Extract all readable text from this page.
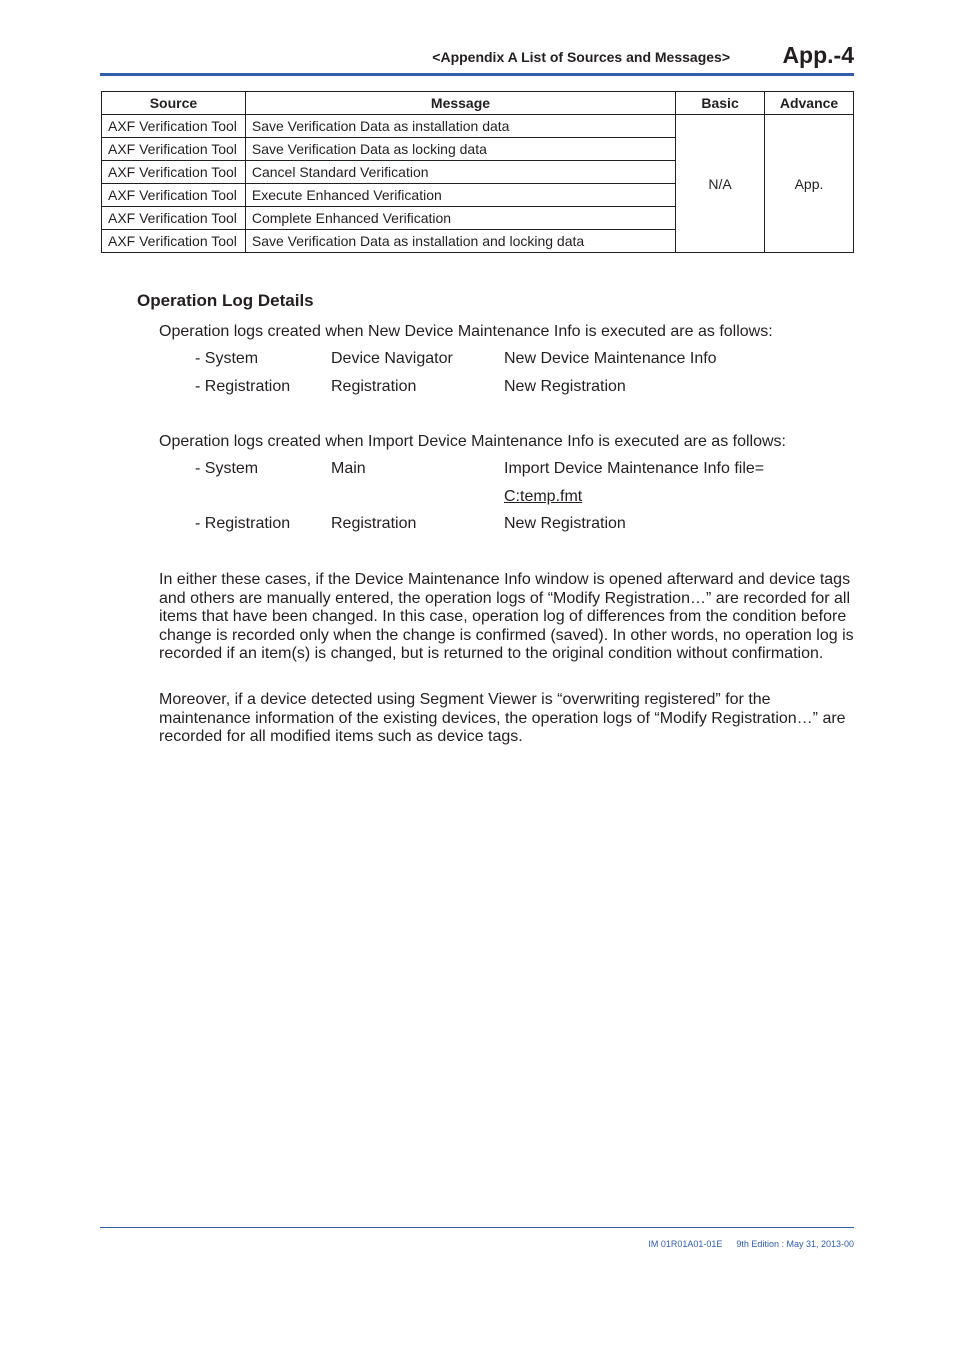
<Appendix A List of Sources and Messages> App.-4
Source	Message	Basic	Advance
AXF Verification Tool	Save Verification Data as installation data	N/A	App.
AXF Verification Tool	Save Verification Data as locking data		
AXF Verification Tool	Cancel Standard Verification		
AXF Verification Tool	Execute Enhanced Verification		
AXF Verification Tool	Complete Enhanced Verification		
AXF Verification Tool	Save Verification Data as installation and locking data		
Operation Log Details
Operation logs created when New Device Maintenance Info is executed are as follows:
- System	Device Navigator	New Device Maintenance Info
- Registration	Registration	New Registration
Operation logs created when Import Device Maintenance Info is executed are as follows:
- System	Main	Import Device Maintenance Info file=
C:temp.fmt
- Registration	Registration	New Registration
In either these cases, if the Device Maintenance Info window is opened afterward and device tags and others are manually entered, the operation logs of “Modify Registration…” are recorded for all items that have been changed. In this case, operation log of differences from the condition before change is recorded only when the change is confirmed (saved). In other words, no operation log is recorded if an item(s) is changed, but is returned to the original condition without confirmation.
Moreover, if a device detected using Segment Viewer is “overwriting registered” for the maintenance information of the existing devices, the operation logs of “Modify Registration…” are recorded for all modified items such as device tags.
IM 01R01A01-01E 9th Edition : May 31, 2013-00
